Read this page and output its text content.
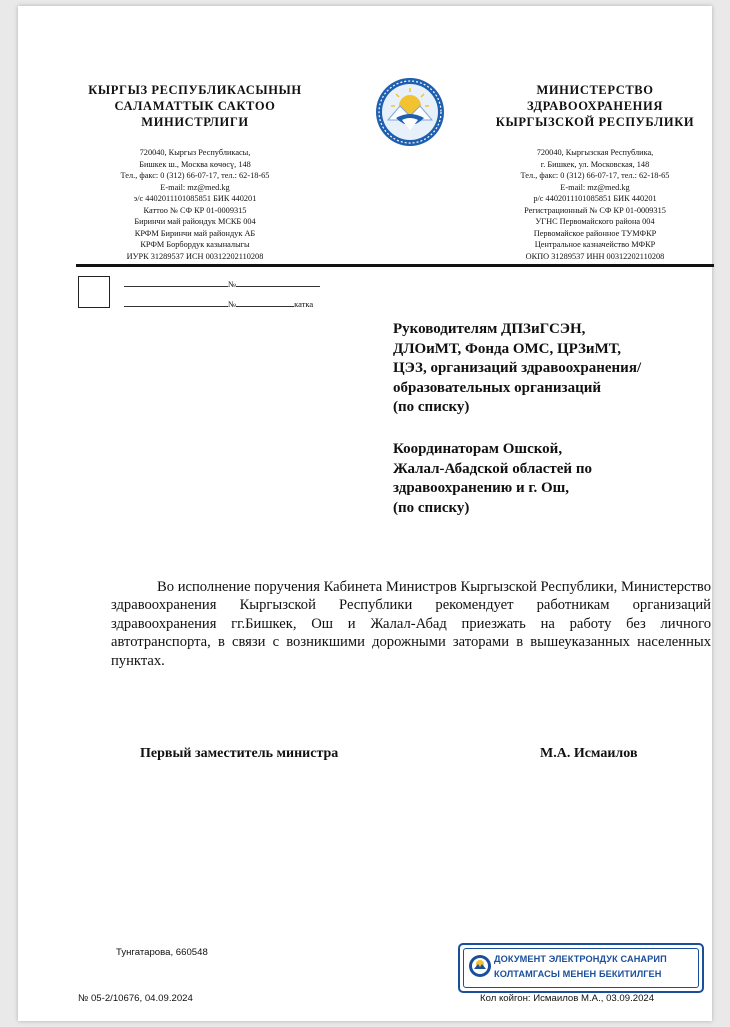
КЫРГЫЗ РЕСПУБЛИКАСЫНЫН
САЛАМАТТЫК САКТОО
МИНИСТРЛИГИ
720040, Кыргыз Республикасы,
Бишкек ш., Москва көчөсү, 148
Тел., факс: 0 (312) 66-07-17, тел.: 62-18-65
E-mail: mz@med.kg
э/с 4402011101085851 БИК 440201
Каттоо № СФ КР 01-0009315
Биринчи май райондук МСКБ 004
КРФМ Биринчи май райондук АБ
КРФМ Борбордук казыналыгы
ИУРК 31289537 ИСН 00312202110208
МИНИСТЕРСТВО
ЗДРАВООХРАНЕНИЯ
КЫРГЫЗСКОЙ РЕСПУБЛИКИ
720040, Кыргызская Республика,
г. Бишкек, ул. Московская, 148
Тел., факс: 0 (312) 66-07-17, тел.: 62-18-65
E-mail: mz@med.kg
р/с 4402011101085851 БИК 440201
Регистрационный № СФ КР 01-0009315
УГНС Первомайского района 004
Первомайское районное ТУМФКР
Центральное казначейство МФКР
ОКПО 31289537 ИНН 00312202110208
№
№	катка
Руководителям ДПЗиГСЭН,
ДЛОиМТ, Фонда ОМС, ЦРЗиМТ,
ЦЭЗ, организаций здравоохранения/
образовательных организаций
(по списку)
Координаторам Ошской,
Жалал-Абадской областей по
здравоохранению и г. Ош,
(по списку)

Во исполнение поручения Кабинета Министров Кыргызской Республики, Министерство здравоохранения Кыргызской Республики рекомендует работникам организаций здравоохранения гг.Бишкек, Ош и Жалал-Абад приезжать на работу без личного автотранспорта, в связи с возникшими дорожными заторами в вышеуказанных населенных пунктах.

Первый заместитель министра	М.А. Исмаилов
Тунгатарова, 660548
№ 05-2/10676, 04.09.2024	Кол койгон: Исмаилов М.А., 03.09.2024
ДОКУМЕНТ ЭЛЕКТРОНДУК САНАРИП
КОЛТАМГАСЫ МЕНЕН БЕКИТИЛГЕН
